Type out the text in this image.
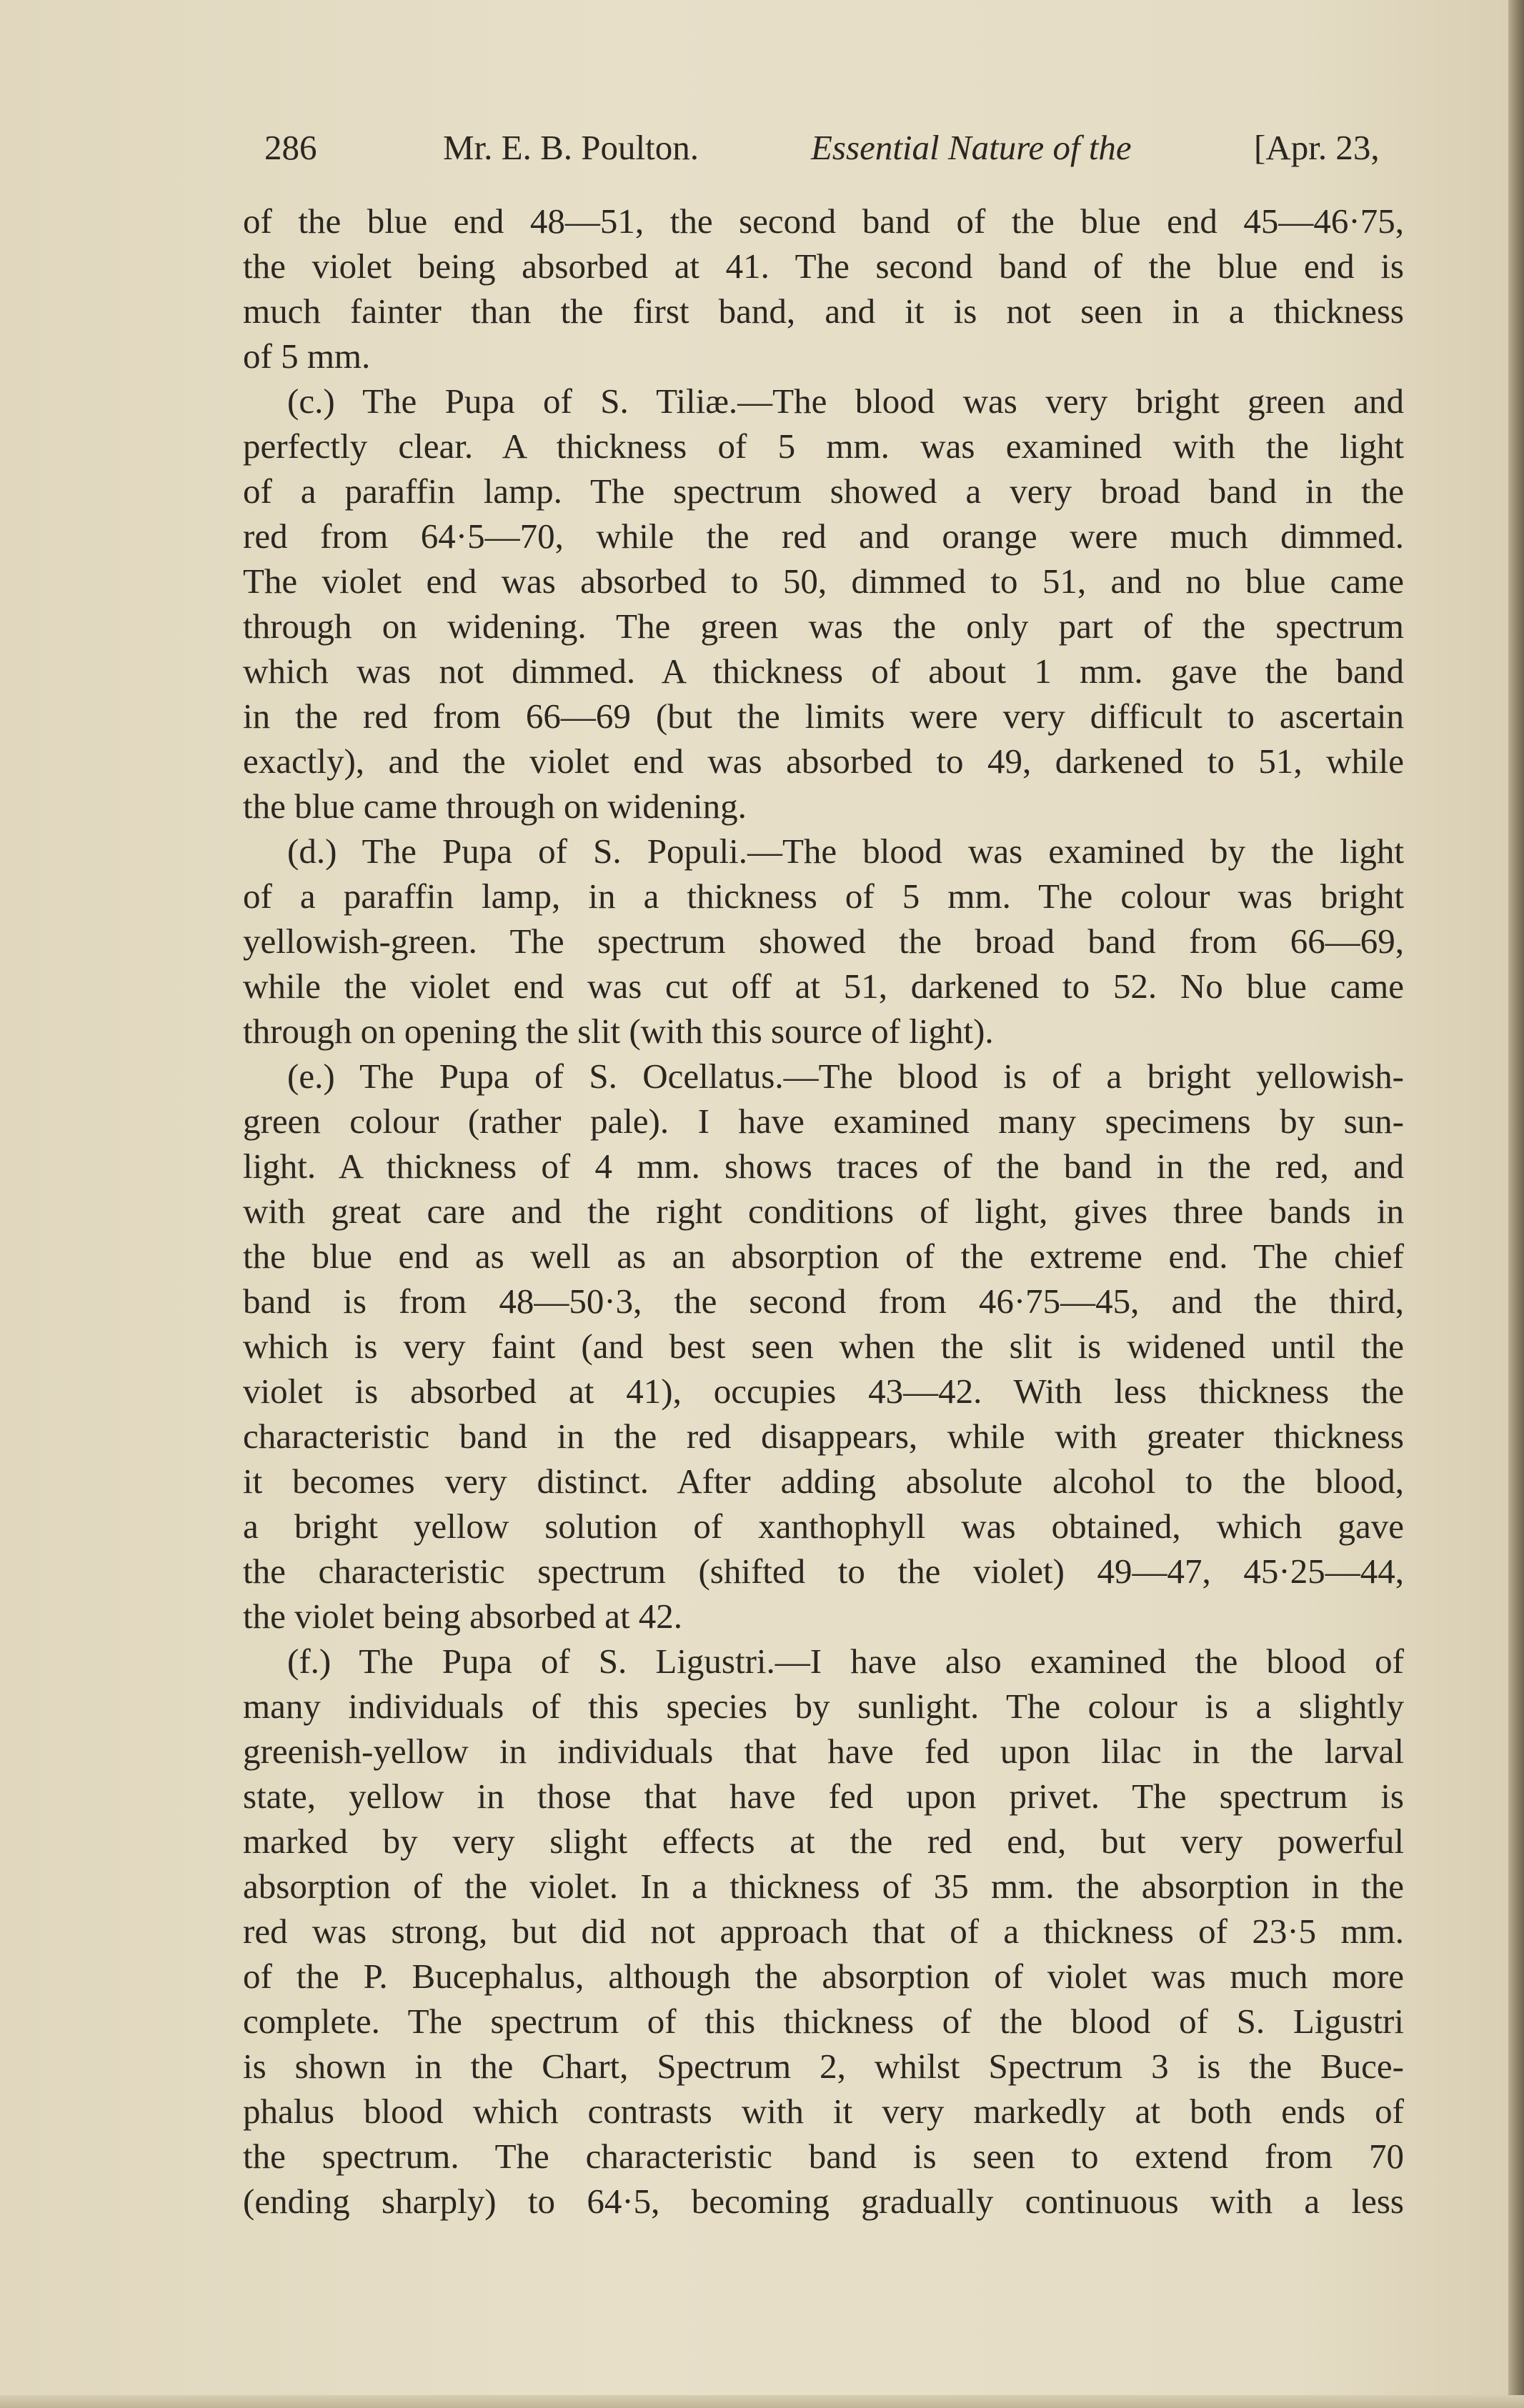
286	Mr. E. B. Poulton.	Essential Nature of the	[Apr. 23,
of the blue end 48—51, the second band of the blue end 45—46·75,
the violet being absorbed at 41. The second band of the blue end is
much fainter than the first band, and it is not seen in a thickness
of 5 mm.
(c.) The Pupa of S. Tiliæ.—The blood was very bright green and
perfectly clear. A thickness of 5 mm. was examined with the light
of a paraffin lamp. The spectrum showed a very broad band in the
red from 64·5—70, while the red and orange were much dimmed.
The violet end was absorbed to 50, dimmed to 51, and no blue came
through on widening. The green was the only part of the spectrum
which was not dimmed. A thickness of about 1 mm. gave the band
in the red from 66—69 (but the limits were very difficult to ascertain
exactly), and the violet end was absorbed to 49, darkened to 51, while
the blue came through on widening.
(d.) The Pupa of S. Populi.—The blood was examined by the light
of a paraffin lamp, in a thickness of 5 mm. The colour was bright
yellowish-green. The spectrum showed the broad band from 66—69,
while the violet end was cut off at 51, darkened to 52. No blue came
through on opening the slit (with this source of light).
(e.) The Pupa of S. Ocellatus.—The blood is of a bright yellowish-
green colour (rather pale). I have examined many specimens by sun-
light. A thickness of 4 mm. shows traces of the band in the red, and
with great care and the right conditions of light, gives three bands in
the blue end as well as an absorption of the extreme end. The chief
band is from 48—50·3, the second from 46·75—45, and the third,
which is very faint (and best seen when the slit is widened until the
violet is absorbed at 41), occupies 43—42. With less thickness the
characteristic band in the red disappears, while with greater thickness
it becomes very distinct. After adding absolute alcohol to the blood,
a bright yellow solution of xanthophyll was obtained, which gave
the characteristic spectrum (shifted to the violet) 49—47, 45·25—44,
the violet being absorbed at 42.
(f.) The Pupa of S. Ligustri.—I have also examined the blood of
many individuals of this species by sunlight. The colour is a slightly
greenish-yellow in individuals that have fed upon lilac in the larval
state, yellow in those that have fed upon privet. The spectrum is
marked by very slight effects at the red end, but very powerful
absorption of the violet. In a thickness of 35 mm. the absorption in the
red was strong, but did not approach that of a thickness of 23·5 mm.
of the P. Bucephalus, although the absorption of violet was much more
complete. The spectrum of this thickness of the blood of S. Ligustri
is shown in the Chart, Spectrum 2, whilst Spectrum 3 is the Buce-
phalus blood which contrasts with it very markedly at both ends of
the spectrum. The characteristic band is seen to extend from 70
(ending sharply) to 64·5, becoming gradually continuous with a less
